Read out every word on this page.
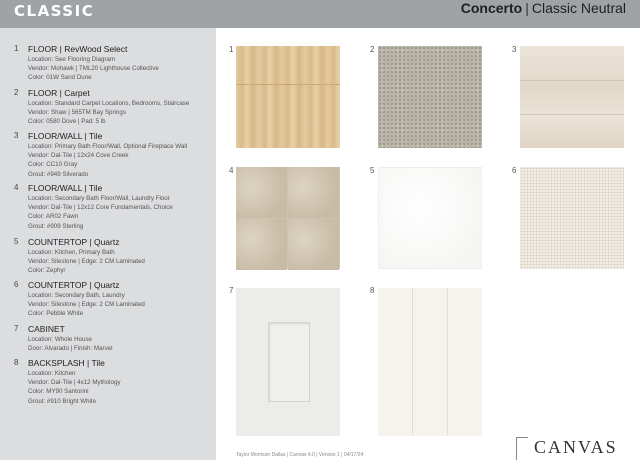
CLASSIC	Concerto | Classic Neutral
1 FLOOR | RevWood Select
Location: See Flooring Diagram
Vendor: Mohawk | TML20 Lighthouse Collective
Color: 01W Sand Dune
2 FLOOR | Carpet
Location: Standard Carpet Locations, Bedrooms, Staircase
Vendor: Shaw | 565TM Bay Springs
Color: 0580 Dove | Pad: 5 lb
3 FLOOR/WALL | Tile
Location: Primary Bath Floor/Wall, Optional Fireplace Wall
Vendor: Dal-Tile | 12x24 Cove Creek
Color: CC10 Gray
Grout: #949 Silverado
4 FLOOR/WALL | Tile
Location: Secondary Bath Floor/Wall, Laundry Floor
Vendor: Dal-Tile | 12x12 Core Fundamentals, Choice
Color: AR02 Fawn
Grout: #909 Sterling
5 COUNTERTOP | Quartz
Location: Kitchen, Primary Bath
Vendor: Silestone | Edge: 2 CM Laminated
Color: Zephyr
6 COUNTERTOP | Quartz
Location: Secondary Bath, Laundry
Vendor: Silestone | Edge: 2 CM Laminated
Color: Pebble White
7 CABINET
Location: Whole House
Door: Alvarado | Finish: Marvel
8 BACKSPLASH | Tile
Location: Kitchen
Vendor: Dal-Tile | 4x12 Mythology
Color: MY90 Santorini
Grout: #910 Bright White
1	2	3
4	5	6
7	8
Taylor Morrison Dallas | Canvas 4.0 | Version 1 | 04/17/24	CANVAS
